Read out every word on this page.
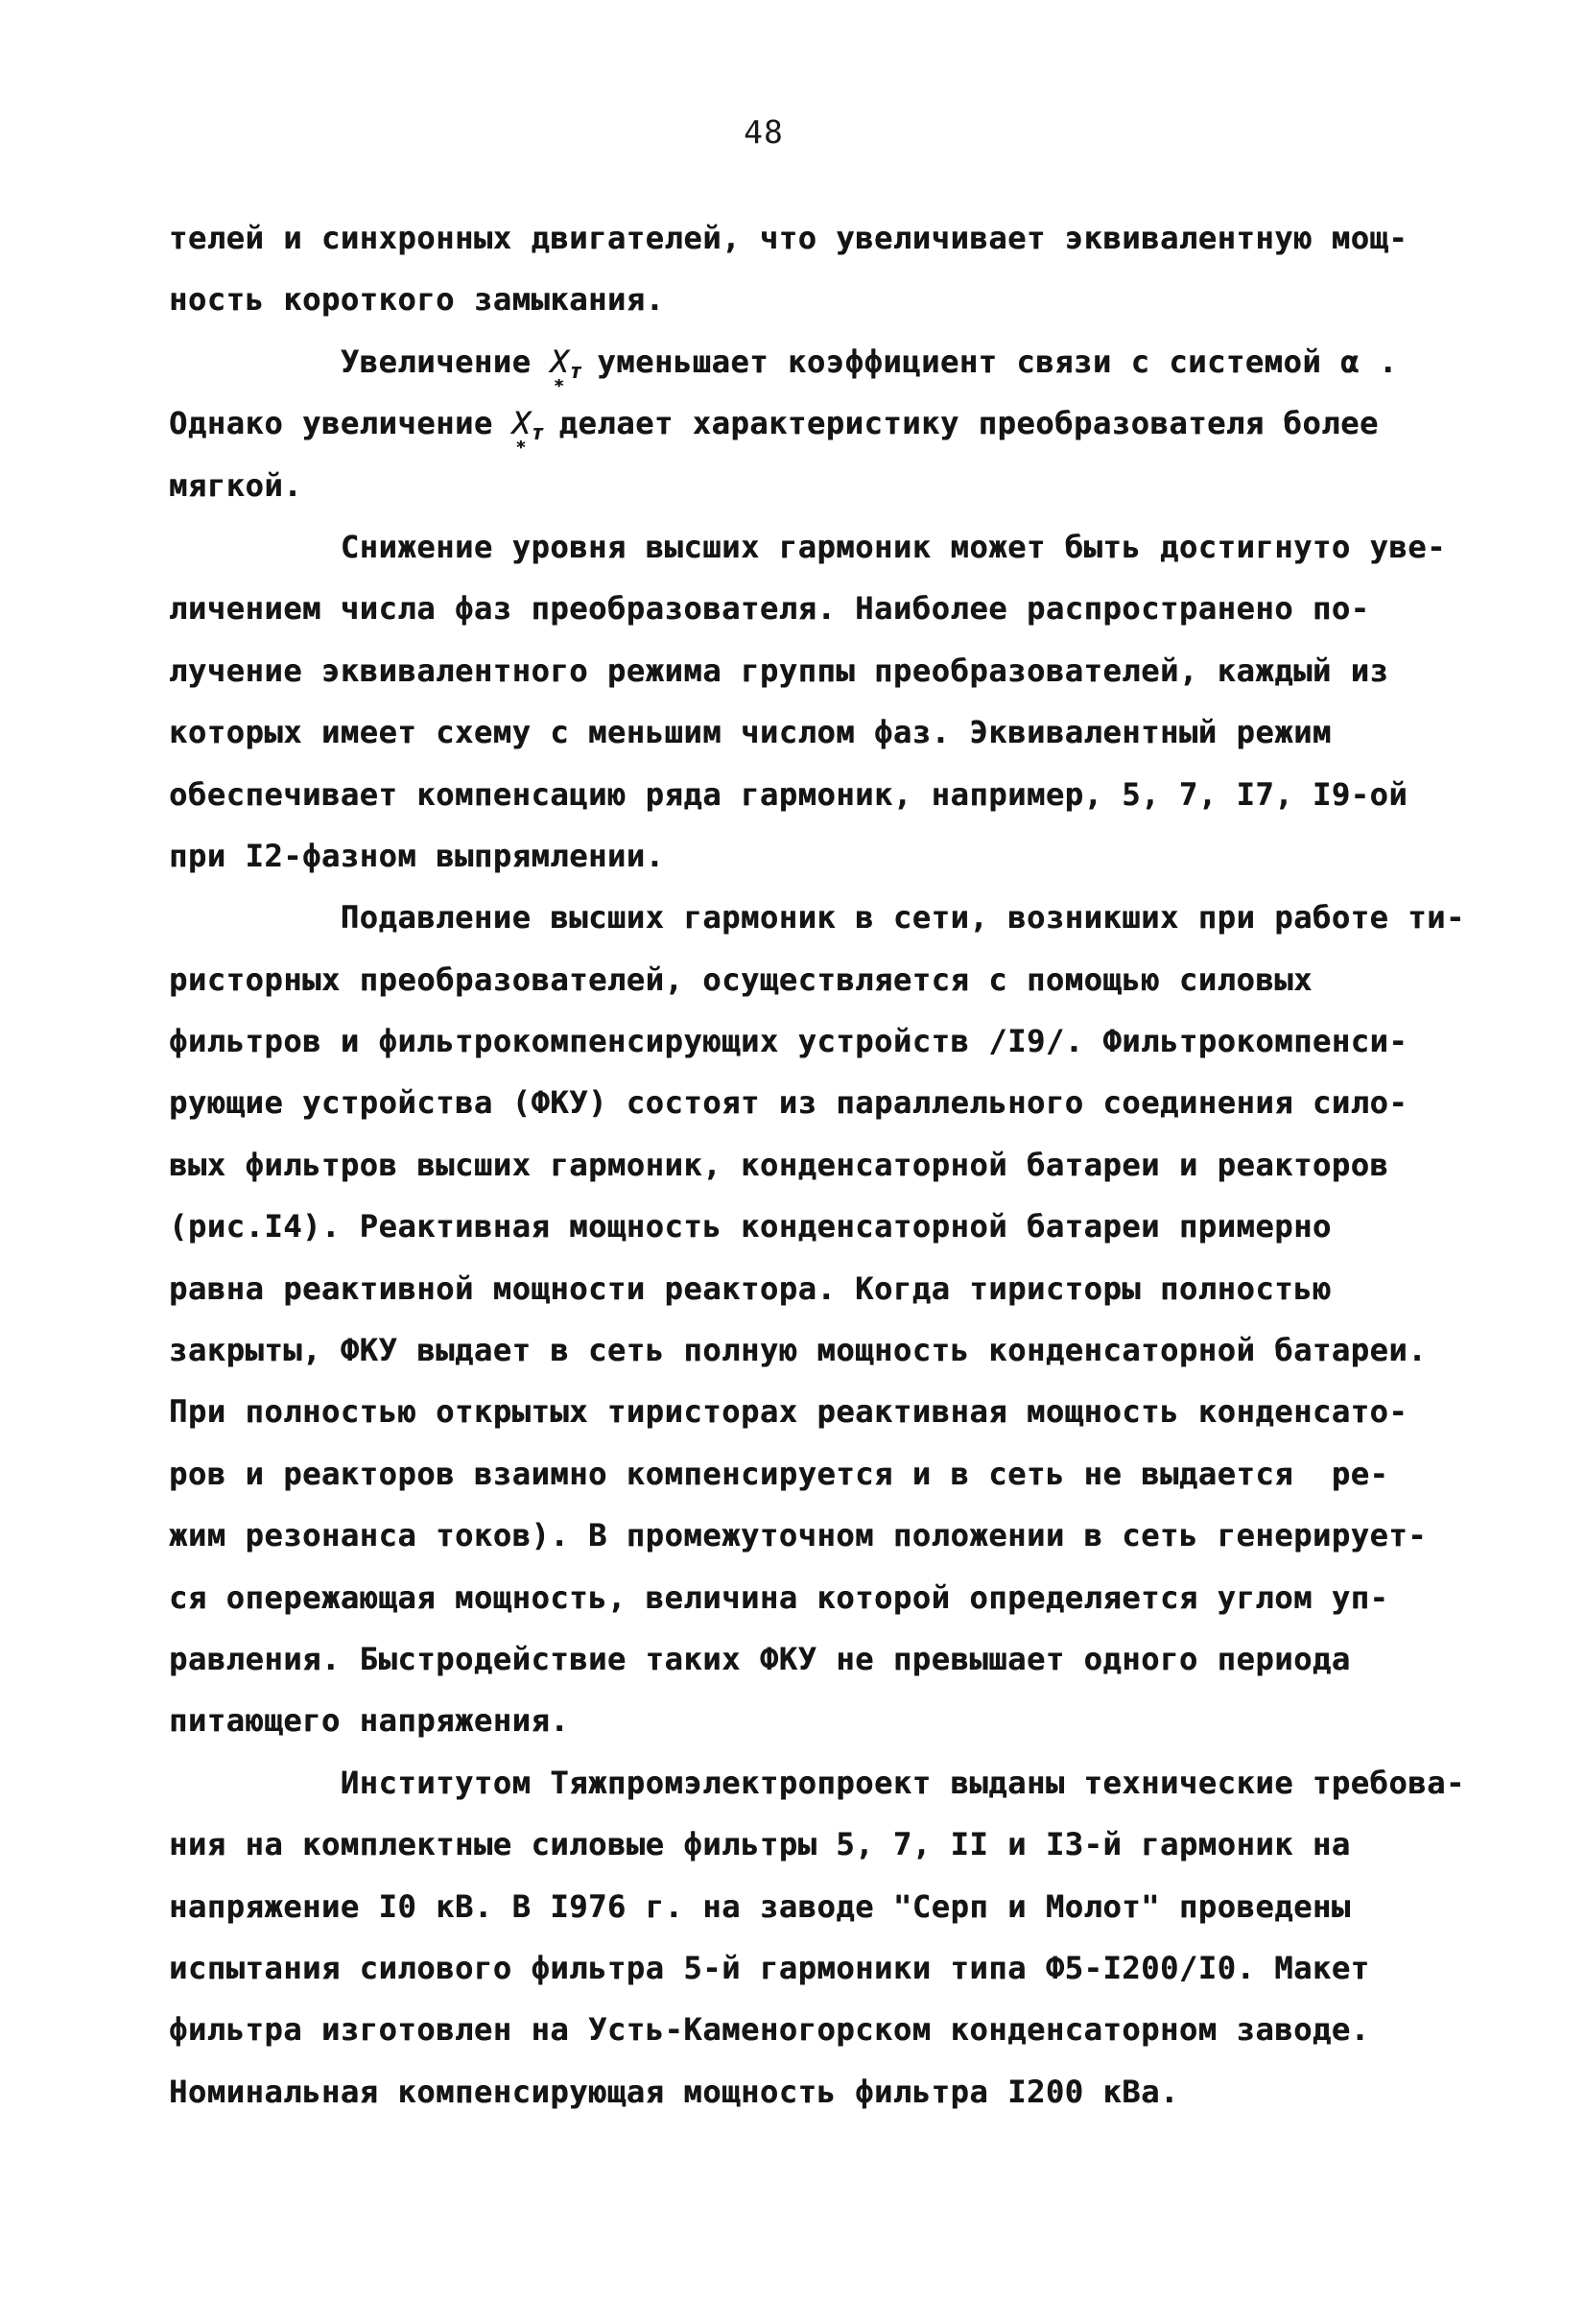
48
телей и синхронных двигателей, что увеличивает эквивалентную мощ-
ность короткого замыкания.
Увеличение $X_{т*}$ уменьшает коэффициент связи с системой α .
Однако увеличение $X_{т*}$ делает характеристику преобразователя более
мягкой.
Снижение уровня высших гармоник может быть достигнуто уве-
личением числа фаз преобразователя. Наиболее распространено по-
лучение эквивалентного режима группы преобразователей, каждый из
которых имеет схему с меньшим числом фаз. Эквивалентный режим
обеспечивает компенсацию ряда гармоник, например, 5, 7, I7, I9-ой
при I2-фазном выпрямлении.
Подавление высших гармоник в сети, возникших при работе ти-
ристорных преобразователей, осуществляется с помощью силовых
фильтров и фильтрокомпенсирующих устройств /I9/. Фильтрокомпенси-
рующие устройства (ФКУ) состоят из параллельного соединения сило-
вых фильтров высших гармоник, конденсаторной батареи и реакторов
(рис.I4). Реактивная мощность конденсаторной батареи примерно
равна реактивной мощности реактора. Когда тиристоры полностью
закрыты, ФКУ выдает в сеть полную мощность конденсаторной батареи.
При полностью открытых тиристорах реактивная мощность конденсато-
ров и реакторов взаимно компенсируется и в сеть не выдается  ре-
жим резонанса токов). В промежуточном положении в сеть генерирует-
ся опережающая мощность, величина которой определяется углом уп-
равления. Быстродействие таких ФКУ не превышает одного периода
питающего напряжения.
Институтом Тяжпромэлектропроект выданы технические требова-
ния на комплектные силовые фильтры 5, 7, II и I3-й гармоник на
напряжение I0 кВ. В I976 г. на заводе "Серп и Молот" проведены
испытания силового фильтра 5-й гармоники типа Ф5-I200/I0. Макет
фильтра изготовлен на Усть-Каменогорском конденсаторном заводе.
Номинальная компенсирующая мощность фильтра I200 кВа.
